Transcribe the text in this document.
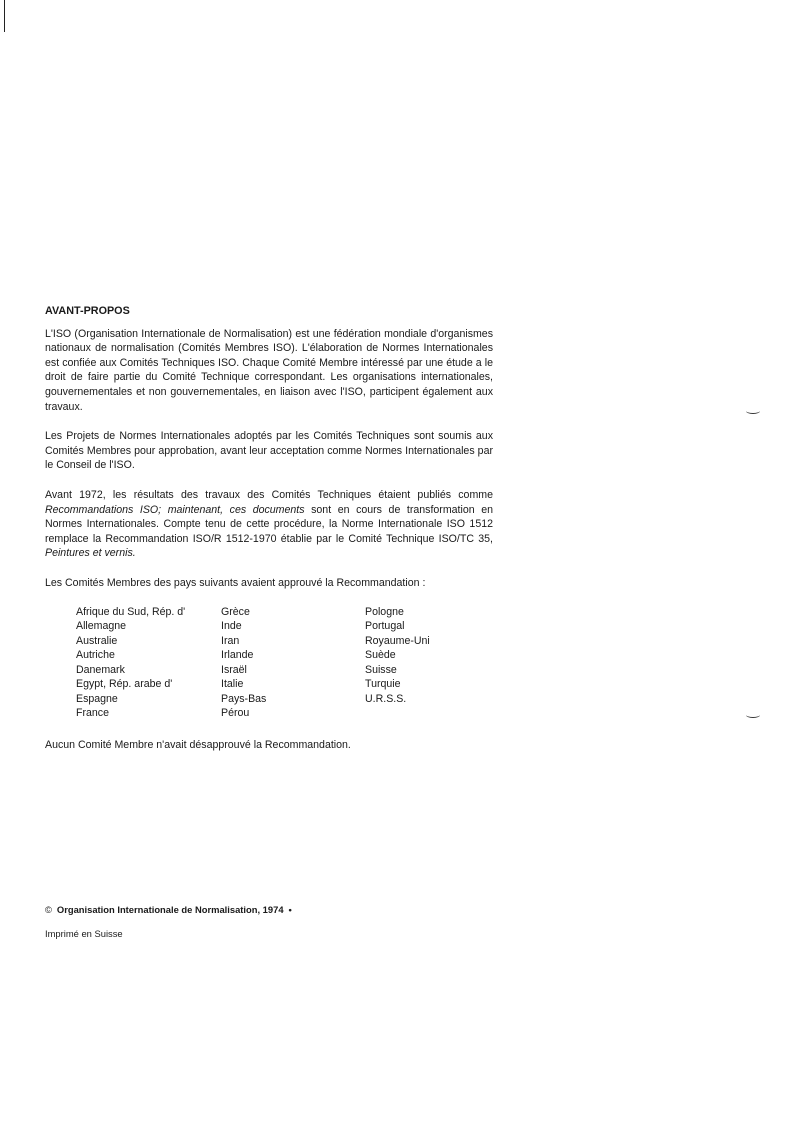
AVANT-PROPOS

L'ISO (Organisation Internationale de Normalisation) est une fédération mondiale d'organismes nationaux de normalisation (Comités Membres ISO). L'élaboration de Normes Internationales est confiée aux Comités Techniques ISO. Chaque Comité Membre intéressé par une étude a le droit de faire partie du Comité Technique correspondant. Les organisations internationales, gouvernementales et non gouvernementales, en liaison avec l'ISO, participent également aux travaux.

Les Projets de Normes Internationales adoptés par les Comités Techniques sont soumis aux Comités Membres pour approbation, avant leur acceptation comme Normes Internationales par le Conseil de l'ISO.

Avant 1972, les résultats des travaux des Comités Techniques étaient publiés comme Recommandations ISO; maintenant, ces documents sont en cours de transformation en Normes Internationales. Compte tenu de cette procédure, la Norme Internationale ISO 1512 remplace la Recommandation ISO/R 1512-1970 établie par le Comité Technique ISO/TC 35, Peintures et vernis.

Les Comités Membres des pays suivants avaient approuvé la Recommandation :

Afrique du Sud, Rép. d'
Allemagne
Australie
Autriche
Danemark
Egypt, Rép. arabe d'
Espagne
France
Grèce
Inde
Iran
Irlande
Israël
Italie
Pays-Bas
Pérou
Pologne
Portugal
Royaume-Uni
Suède
Suisse
Turquie
U.R.S.S.

Aucun Comité Membre n'avait désapprouvé la Recommandation.

© Organisation Internationale de Normalisation, 1974 •
Imprimé en Suisse
